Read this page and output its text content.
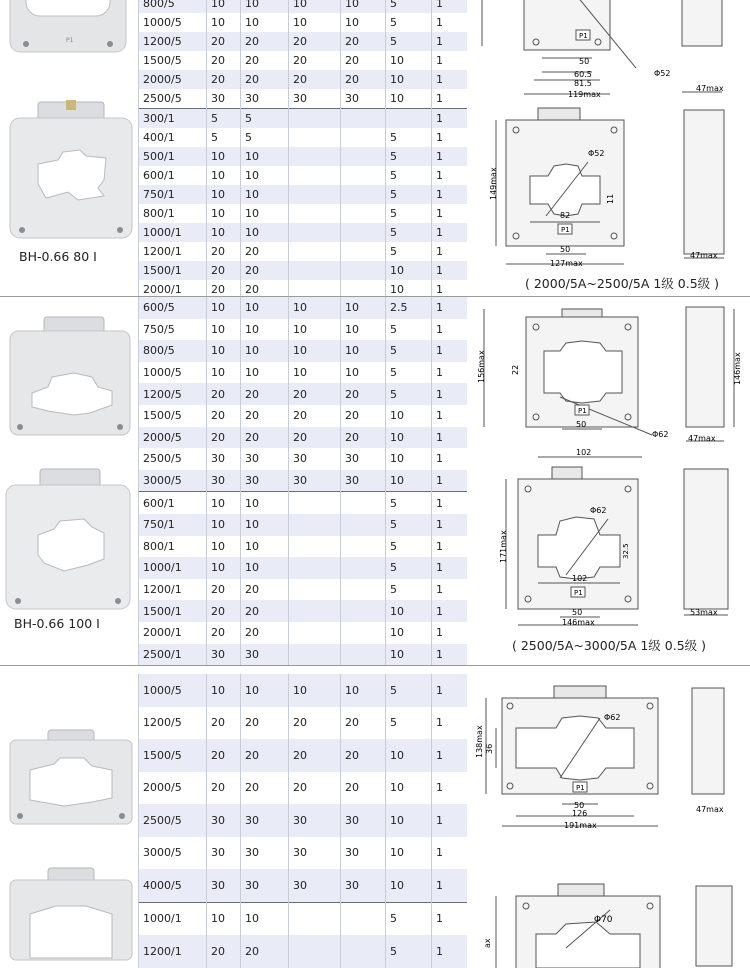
P1
BH-0.66 80 I
800/5	10	10	10	10	5	1
1000/5	10	10	10	10	5	1
1200/5	20	20	20	20	5	1
1500/5	20	20	20	20	10	1
2000/5	20	20	20	20	10	1
2500/5	30	30	30	30	10	1
300/1	5	5				1
400/1	5	5			5	1
500/1	10	10			5	1
600/1	10	10			5	1
750/1	10	10			5	1
800/1	10	10			5	1
1000/1	10	10			5	1
1200/1	20	20			5	1
1500/1	20	20			10	1
2000/1	20	20			10	1
P1
50
60.5
81.5
119max
Φ52
47max
P1
149max
Φ52
82
11
50
127max
47max
( 2000/5A~2500/5A 1级 0.5级 )
BH-0.66 100 I
600/5	10	10	10	10	2.5	1
750/5	10	10	10	10	5	1
800/5	10	10	10	10	5	1
1000/5	10	10	10	10	5	1
1200/5	20	20	20	20	5	1
1500/5	20	20	20	20	10	1
2000/5	20	20	20	20	10	1
2500/5	30	30	30	30	10	1
3000/5	30	30	30	30	10	1
600/1	10	10			5	1
750/1	10	10			5	1
800/1	10	10			5	1
1000/1	10	10			5	1
1200/1	20	20			5	1
1500/1	20	20			10	1
2000/1	20	20			10	1
2500/1	30	30			10	1
P1
156max	22
50
Φ62 47max
146max
P1
102
171max
Φ62
32.5
102
50
146max
53max
( 2500/5A~3000/5A 1级 0.5级 )
1000/5	10	10	10	10	5	1
1200/5	20	20	20	20	5	1
1500/5	20	20	20	20	10	1
2000/5	20	20	20	20	10	1
2500/5	30	30	30	30	10	1
3000/5	30	30	30	30	10	1
4000/5	30	30	30	30	10	1
1000/1	10	10			5	1
1200/1	20	20			5	1
P1
138max 36
Φ62
50
126
191max
47max
Φ70
ax
